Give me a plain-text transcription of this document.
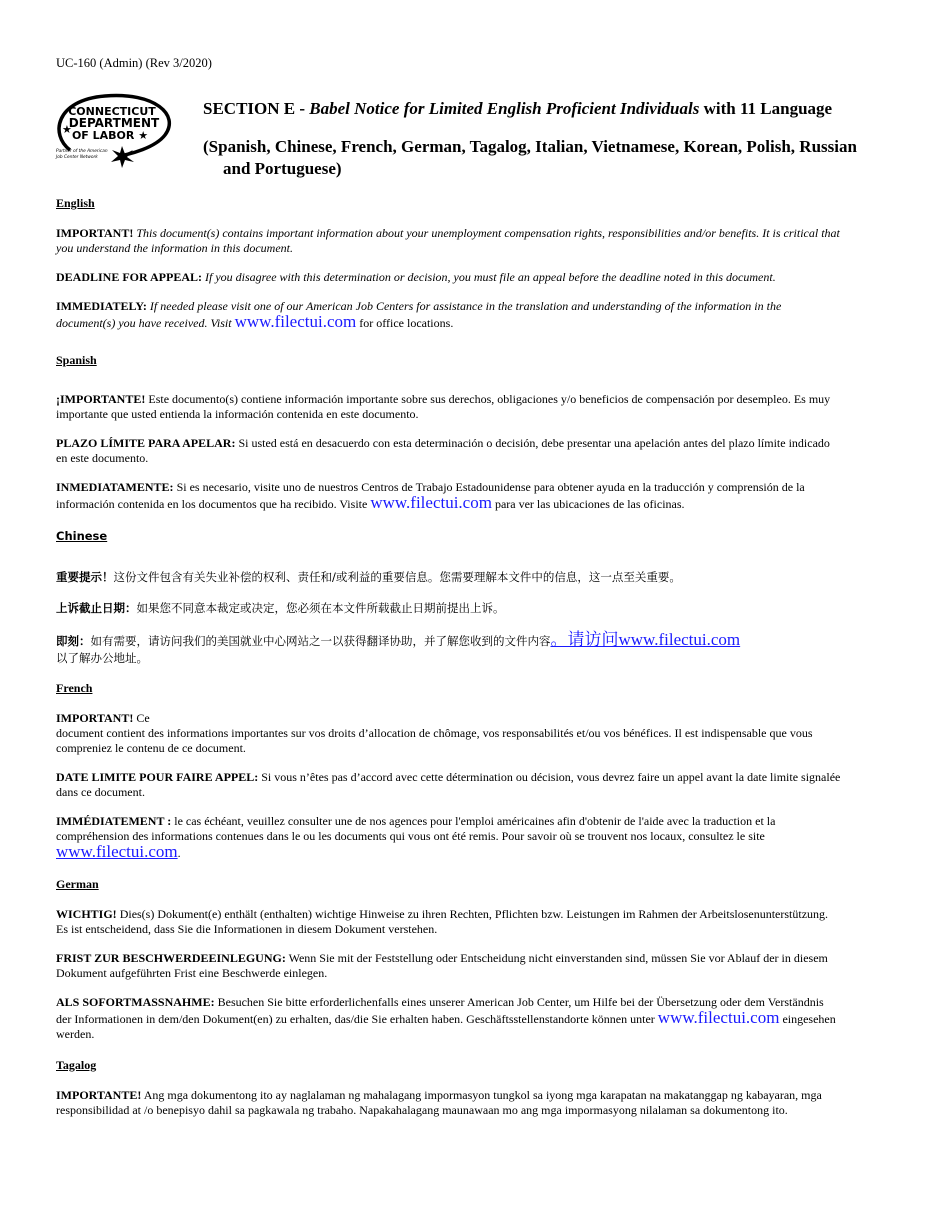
UC-160 (Admin) (Rev 3/2020)
CONNECTICUT
DEPARTMENT
OF LABOR ★
★
Partner of the American
Job Center Network
SECTION E - Babel Notice for Limited English Proficient Individuals with 11 Language
(Spanish, Chinese, French, German, Tagalog, Italian, Vietnamese, Korean, Polish, Russian
and Portuguese)
English
IMPORTANT! This document(s) contains important information about your unemployment compensation rights, responsibilities and/or benefits. It is critical that you understand the information in this document.
DEADLINE FOR APPEAL: If you disagree with this determination or decision, you must file an appeal before the deadline noted in this document.
IMMEDIATELY: If needed please visit one of our American Job Centers for assistance in the translation and understanding of the information in the document(s) you have received. Visit www.filectui.com for office locations.
Spanish
¡IMPORTANTE! Este documento(s) contiene información importante sobre sus derechos, obligaciones y/o beneficios de compensación por desempleo. Es muy importante que usted entienda la información contenida en este documento.
PLAZO LÍMITE PARA APELAR: Si usted está en desacuerdo con esta determinación o decisión, debe presentar una apelación antes del plazo límite indicado en este documento.
INMEDIATAMENTE: Si es necesario, visite uno de nuestros Centros de Trabajo Estadounidense para obtener ayuda en la traducción y comprensión de la información contenida en los documentos que ha recibido. Visite www.filectui.com para ver las ubicaciones de las oficinas.
Chinese
重要提示！这份文件包含有关失业补偿的权利、责任和/或利益的重要信息。您需要理解本文件中的信息，这一点至关重要。
上诉截止日期：如果您不同意本裁定或决定，您必须在本文件所载截止日期前提出上诉。
即刻：如有需要，请访问我们的美国就业中心网站之一以获得翻译协助，并了解您收到的文件内容。请访问www.filectui.com
以了解办公地址。
French
IMPORTANT! Ce
document contient des informations importantes sur vos droits d’allocation de chômage, vos responsabilités et/ou vos bénéfices. Il est indispensable que vous compreniez le contenu de ce document.
DATE LIMITE POUR FAIRE APPEL: Si vous n’êtes pas d’accord avec cette détermination ou décision, vous devrez faire un appel avant la date limite signalée dans ce document.
IMMÉDIATEMENT : le cas échéant, veuillez consulter une de nos agences pour l'emploi américaines afin d'obtenir de l'aide avec la traduction et la compréhension des informations contenues dans le ou les documents qui vous ont été remis. Pour savoir où se trouvent nos locaux, consultez le site www.filectui.com.
German
WICHTIG! Dies(s) Dokument(e) enthält (enthalten) wichtige Hinweise zu ihren Rechten, Pflichten bzw. Leistungen im Rahmen der Arbeitslosenunterstützung. Es ist entscheidend, dass Sie die Informationen in diesem Dokument verstehen.
FRIST ZUR BESCHWERDEEINLEGUNG: Wenn Sie mit der Feststellung oder Entscheidung nicht einverstanden sind, müssen Sie vor Ablauf der in diesem Dokument aufgeführten Frist eine Beschwerde einlegen.
ALS SOFORTMASSNAHME: Besuchen Sie bitte erforderlichenfalls eines unserer American Job Center, um Hilfe bei der Übersetzung oder dem Verständnis der Informationen in dem/den Dokument(en) zu erhalten, das/die Sie erhalten haben. Geschäftsstellenstandorte können unter www.filectui.com eingesehen werden.
Tagalog
IMPORTANTE! Ang mga dokumentong ito ay naglalaman ng mahalagang impormasyon tungkol sa iyong mga karapatan na makatanggap ng kabayaran, mga responsibilidad at /o benepisyo dahil sa pagkawala ng trabaho. Napakahalagang maunawaan mo ang mga impormasyong nilalaman sa dokumentong ito.
